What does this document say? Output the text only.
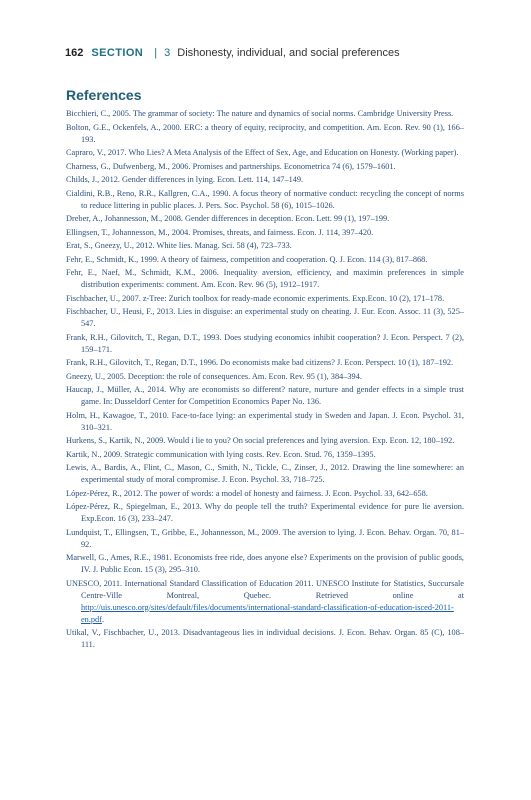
162 SECTION | 3 Dishonesty, individual, and social preferences
References
Bicchieri, C., 2005. The grammar of society: The nature and dynamics of social norms. Cambridge University Press.
Bolton, G.E., Ockenfels, A., 2000. ERC: a theory of equity, reciprocity, and competition. Am. Econ. Rev. 90 (1), 166–193.
Capraro, V., 2017. Who Lies? A Meta Analysis of the Effect of Sex, Age, and Education on Honesty. (Working paper).
Charness, G., Dufwenberg, M., 2006. Promises and partnerships. Econometrica 74 (6), 1579–1601.
Childs, J., 2012. Gender differences in lying. Econ. Lett. 114, 147–149.
Cialdini, R.B., Reno, R.R., Kallgren, C.A., 1990. A focus theory of normative conduct: recycling the concept of norms to reduce littering in public places. J. Pers. Soc. Psychol. 58 (6), 1015–1026.
Dreber, A., Johannesson, M., 2008. Gender differences in deception. Econ. Lett. 99 (1), 197–199.
Ellingsen, T., Johannesson, M., 2004. Promises, threats, and fairness. Econ. J. 114, 397–420.
Erat, S., Gneezy, U., 2012. White lies. Manag. Sci. 58 (4), 723–733.
Fehr, E., Schmidt, K., 1999. A theory of fairness, competition and cooperation. Q. J. Econ. 114 (3), 817–868.
Fehr, E., Naef, M., Schmidt, K.M., 2006. Inequality aversion, efficiency, and maximin preferences in simple distribution experiments: comment. Am. Econ. Rev. 96 (5), 1912–1917.
Fischbacher, U., 2007. z-Tree: Zurich toolbox for ready-made economic experiments. Exp.Econ. 10 (2), 171–178.
Fischbacher, U., Heusi, F., 2013. Lies in disguise: an experimental study on cheating. J. Eur. Econ. Assoc. 11 (3), 525–547.
Frank, R.H., Gilovitch, T., Regan, D.T., 1993. Does studying economics inhibit cooperation? J. Econ. Perspect. 7 (2), 159–171.
Frank, R.H., Gilovitch, T., Regan, D.T., 1996. Do economists make bad citizens? J. Econ. Perspect. 10 (1), 187–192.
Gneezy, U., 2005. Deception: the role of consequences. Am. Econ. Rev. 95 (1), 384–394.
Haucap, J., Müller, A., 2014. Why are economists so different? nature, nurture and gender effects in a simple trust game. In: Dusseldorf Center for Competition Economics Paper No. 136.
Holm, H., Kawagoe, T., 2010. Face-to-face lying: an experimental study in Sweden and Japan. J. Econ. Psychol. 31, 310–321.
Hurkens, S., Kartik, N., 2009. Would i lie to you? On social preferences and lying aversion. Exp. Econ. 12, 180–192.
Kartik, N., 2009. Strategic communication with lying costs. Rev. Econ. Stud. 76, 1359–1395.
Lewis, A., Bardis, A., Flint, C., Mason, C., Smith, N., Tickle, C., Zinser, J., 2012. Drawing the line somewhere: an experimental study of moral compromise. J. Econ. Psychol. 33, 718–725.
López-Pérez, R., 2012. The power of words: a model of honesty and fairness. J. Econ. Psychol. 33, 642–658.
López-Pérez, R., Spiegelman, E., 2013. Why do people tell the truth? Experimental evidence for pure lie aversion. Exp.Econ. 16 (3), 233–247.
Lundquist, T., Ellingsen, T., Gribbe, E., Johannesson, M., 2009. The aversion to lying. J. Econ. Behav. Organ. 70, 81–92.
Marwell, G., Ames, R.E., 1981. Economists free ride, does anyone else? Experiments on the provision of public goods, IV. J. Public Econ. 15 (3), 295–310.
UNESCO, 2011. International Standard Classification of Education 2011. UNESCO Institute for Statistics, Succursale Centre-Ville Montreal, Quebec. Retrieved online at http://uis.unesco.org/sites/default/files/documents/international-standard-classification-of-education-isced-2011-en.pdf.
Utikal, V., Fischbacher, U., 2013. Disadvantageous lies in individual decisions. J. Econ. Behav. Organ. 85 (C), 108–111.
